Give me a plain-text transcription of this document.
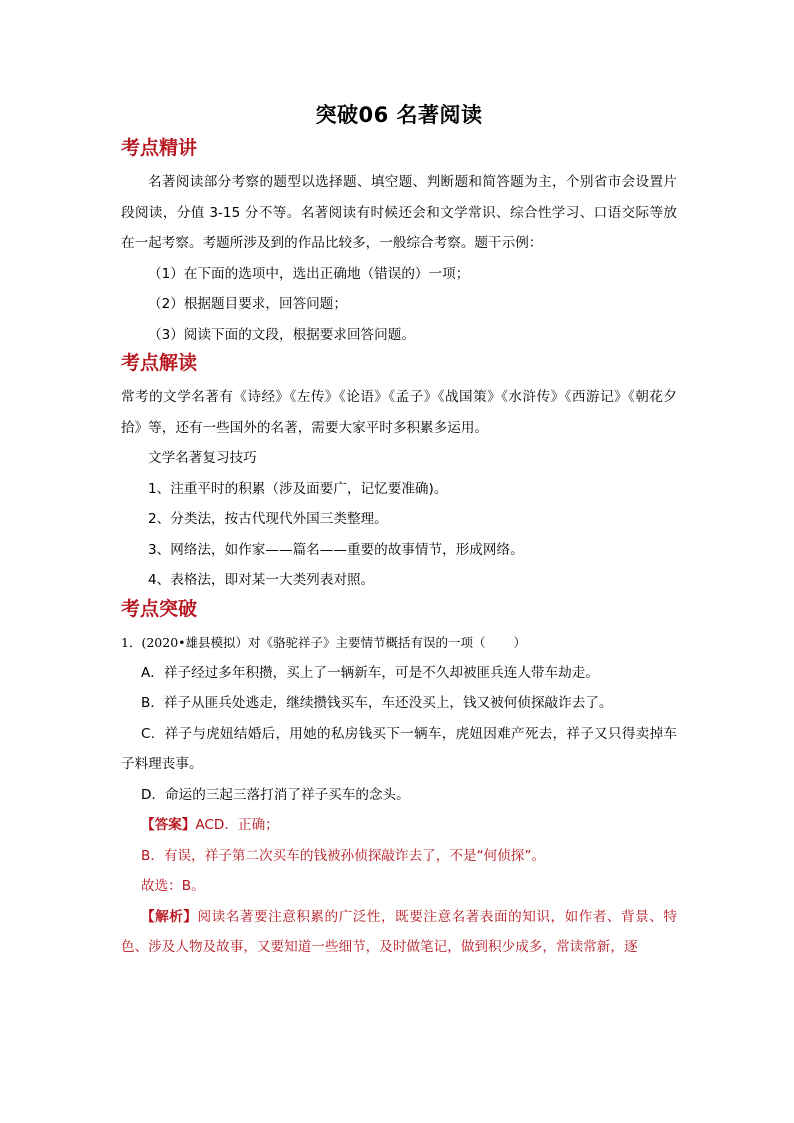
突破06 名著阅读
考点精讲

名著阅读部分考察的题型以选择题、填空题、判断题和简答题为主，个别省市会设置片段阅读，分值 3-15 分不等。名著阅读有时候还会和文学常识、综合性学习、口语交际等放在一起考察。考题所涉及到的作品比较多，一般综合考察。题干示例：

（1）在下面的选项中，选出正确地（错误的）一项；

（2）根据题目要求，回答问题；

（3）阅读下面的文段，根据要求回答问题。

考点解读

常考的文学名著有《诗经》《左传》《论语》《孟子》《战国策》《水浒传》《西游记》《朝花夕拾》等，还有一些国外的名著，需要大家平时多积累多运用。

文学名著复习技巧

1、注重平时的积累（涉及面要广，记忆要准确)。

2、分类法，按古代现代外国三类整理。

3、网络法，如作家——篇名——重要的故事情节，形成网络。

4、表格法，即对某一大类列表对照。

考点突破

1．(2020•雄县模拟）对《骆驼祥子》主要情节概括有误的一项（ ）

A．祥子经过多年积攒，买上了一辆新车，可是不久却被匪兵连人带车劫走。

B．祥子从匪兵处逃走，继续攒钱买车，车还没买上，钱又被何侦探敲诈去了。

C．祥子与虎妞结婚后，用她的私房钱买下一辆车，虎妞因难产死去，祥子又只得卖掉车子料理丧事。

D．命运的三起三落打消了祥子买车的念头。

【答案】ACD．正确；

B．有误，祥子第二次买车的钱被孙侦探敲诈去了，不是“何侦探”。

故选：B。

【解析】阅读名著要注意积累的广泛性，既要注意名著表面的知识，如作者、背景、特色、涉及人物及故事，又要知道一些细节，及时做笔记，做到积少成多，常读常新，逐
